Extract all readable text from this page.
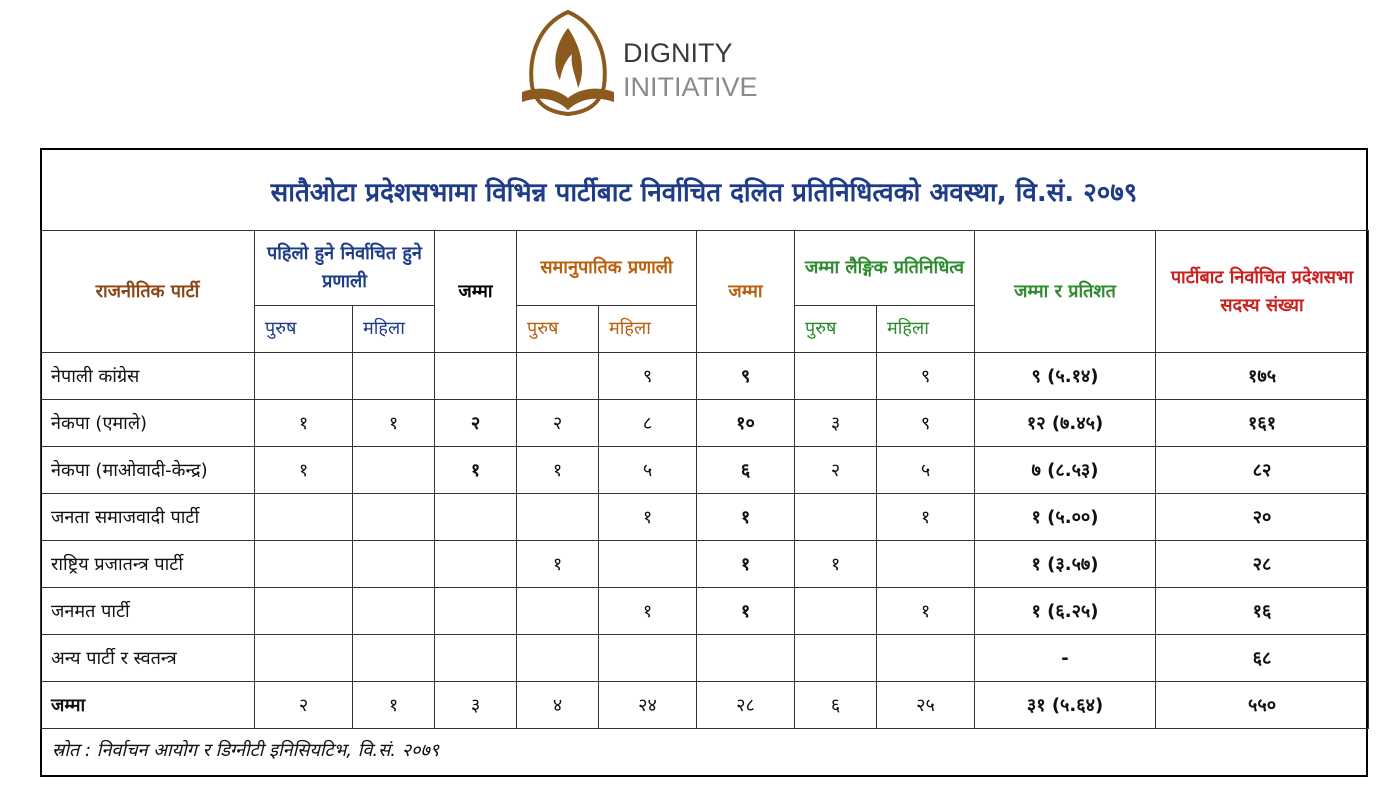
DIGNITY
INITIATIVE
सातैओटा प्रदेशसभामा विभिन्न पार्टीबाट निर्वाचित दलित प्रतिनिधित्वको अवस्था, वि.सं. २०७९
राजनीतिक पार्टी	पहिलो हुने निर्वाचित हुने प्रणाली		जम्मा	समानुपातिक प्रणाली		जम्मा	जम्मा लैङ्गिक प्रतिनिधित्व		जम्मा र प्रतिशत	पार्टीबाट निर्वाचित प्रदेशसभा सदस्य संख्या
	पुरुष	महिला		पुरुष	महिला		पुरुष	महिला		
नेपाली कांग्रेस					९	९		९	९ (५.१४)	१७५
नेकपा (एमाले)	१	१	२	२	८	१०	३	९	१२ (७.४५)	१६१
नेकपा (माओवादी-केन्द्र)	१		१	१	५	६	२	५	७ (८.५३)	८२
जनता समाजवादी पार्टी					१	१		१	१ (५.००)	२०
राष्ट्रिय प्रजातन्त्र पार्टी				१		१	१		१ (३.५७)	२८
जनमत पार्टी					१	१		१	१ (६.२५)	१६
अन्य पार्टी र स्वतन्त्र									-	६८
जम्मा	२	१	३	४	२४	२८	६	२५	३१ (५.६४)	५५०
स्रोत : निर्वाचन आयोग र डिग्नीटी इनिसियटिभ, वि.सं. २०७९
